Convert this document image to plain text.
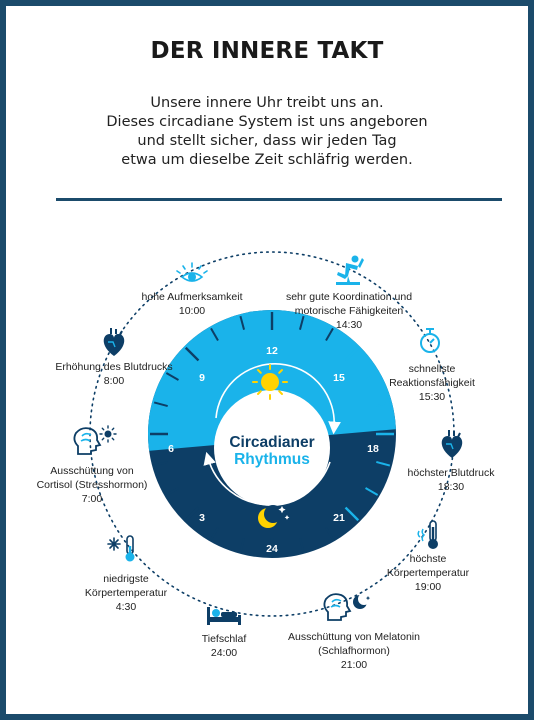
DER INNERE TAKT
Unsere innere Uhr treibt uns an.
Dieses circadiane System ist uns angeboren
und stellt sicher, dass wir jeden Tag
etwa um dieselbe Zeit schläfrig werden.
12
15
18
21
24
3
6
9
Circadianer
Rhythmus
hohe Aufmerksamkeit
10:00
sehr gute Koordination und
motorische Fähigkeiten
14:30
schnellste
Reaktionsfähigkeit
15:30
höchster Blutdruck
18:30
höchste
Körpertemperatur
19:00
Ausschüttung von Melatonin
(Schlafhormon)
21:00
Tiefschlaf
24:00
niedrigste
Körpertemperatur
4:30
Ausschüttung von
Cortisol (Stresshormon)
7:00
Erhöhung des Blutdrucks
8:00
